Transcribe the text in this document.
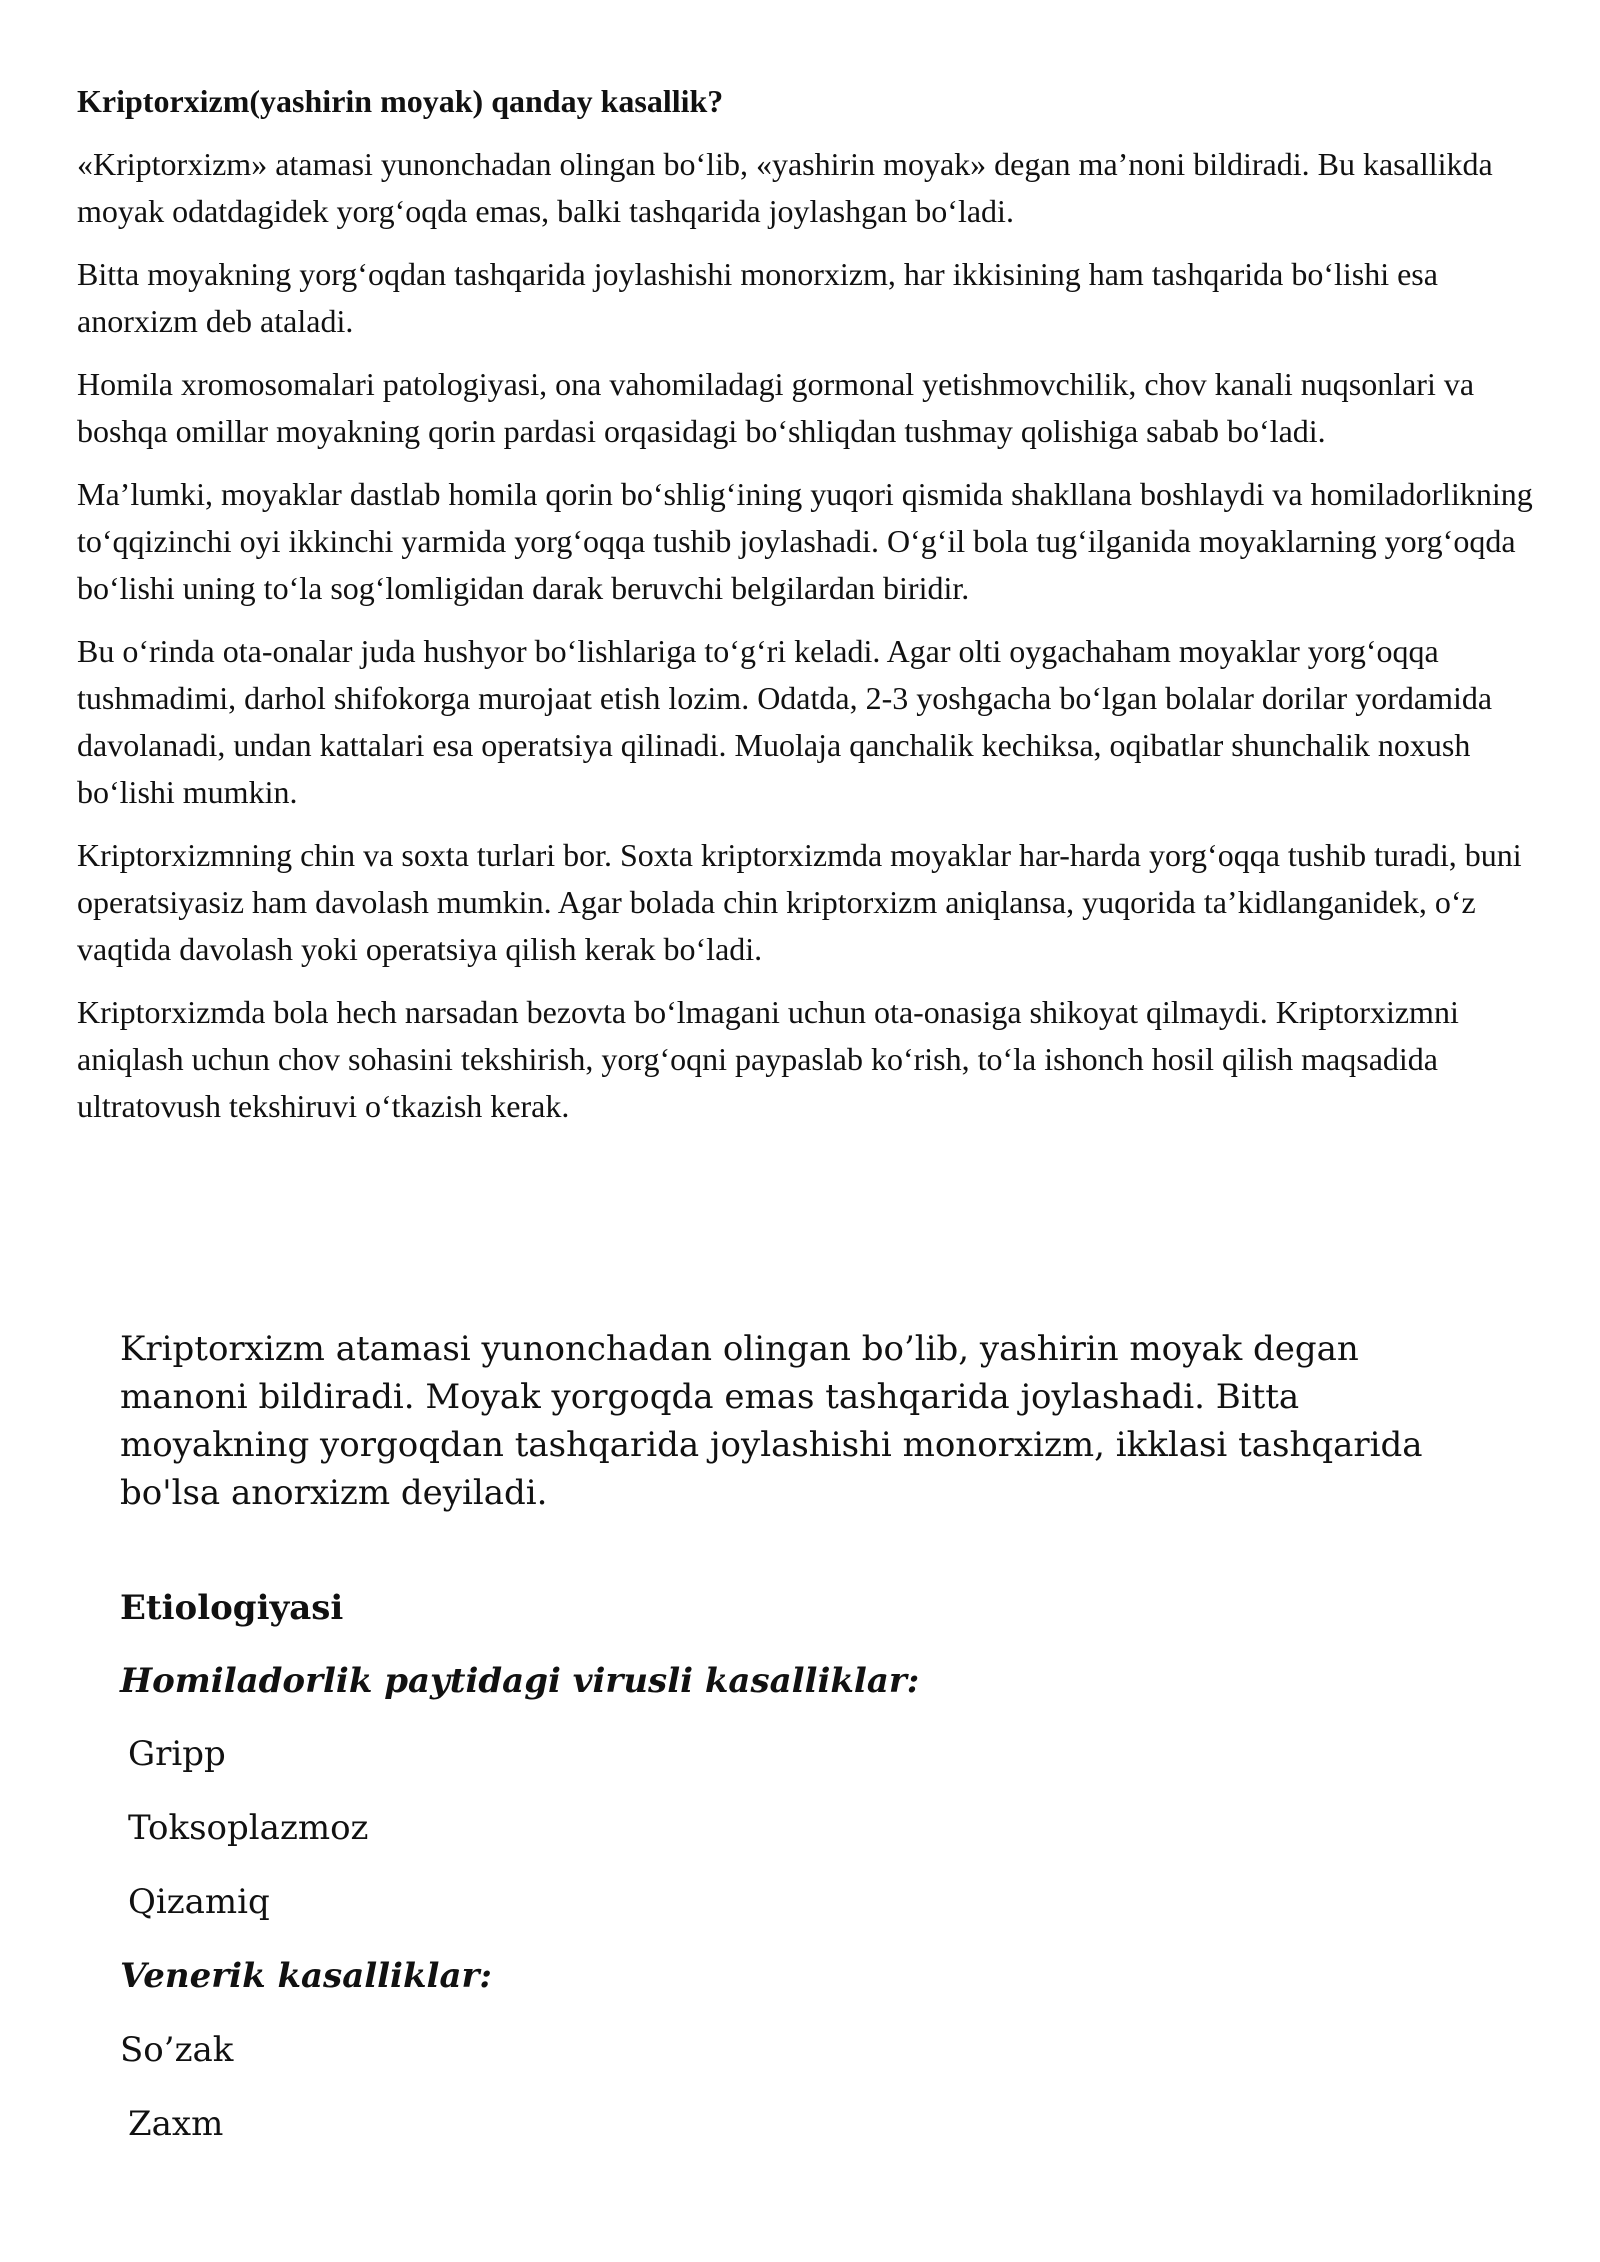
Kriptorxizm(yashirin moyak) qanday kasallik?

«Kriptorxizm» atamasi yunonchadan olingan bo‘lib, «yashirin moyak» degan ma’noni bildiradi. Bu kasallikda moyak odatdagidek yorg‘oqda emas, balki tashqarida joylashgan bo‘ladi.

Bitta moyakning yorg‘oqdan tashqarida joylashishi monorxizm, har ikkisining ham tashqarida bo‘lishi esa anorxizm deb ataladi.

Homila xromosomalari patologiyasi, ona vahomiladagi gormonal yetishmovchilik, chov kanali nuqsonlari va boshqa omillar moyakning qorin pardasi orqasidagi bo‘shliqdan tushmay qolishiga sabab bo‘ladi.

Ma’lumki, moyaklar dastlab homila qorin bo‘shlig‘ining yuqori qismida shakllana boshlaydi va homiladorlikning to‘qqizinchi oyi ikkinchi yarmida yorg‘oqqa tushib joylashadi. O‘g‘il bola tug‘ilganida moyaklarning yorg‘oqda bo‘lishi uning to‘la sog‘lomligidan darak beruvchi belgilardan biridir.

Bu o‘rinda ota-onalar juda hushyor bo‘lishlariga to‘g‘ri keladi. Agar olti oygachaham moyaklar yorg‘oqqa tushmadimi, darhol shifokorga murojaat etish lozim. Odatda, 2-3 yoshgacha bo‘lgan bolalar dorilar yordamida davolanadi, undan kattalari esa operatsiya qilinadi. Muolaja qanchalik kechiksa, oqibatlar shunchalik noxush bo‘lishi mumkin.

Kriptorxizmning chin va soxta turlari bor. Soxta kriptorxizmda moyaklar har-harda yorg‘oqqa tushib turadi, buni operatsiyasiz ham davolash mumkin. Agar bolada chin kriptorxizm aniqlansa, yuqorida ta’kidlanganidek, o‘z vaqtida davolash yoki operatsiya qilish kerak bo‘ladi.

Kriptorxizmda bola hech narsadan bezovta bo‘lmagani uchun ota-onasiga shikoyat qilmaydi. Kriptorxizmni aniqlash uchun chov sohasini tekshirish, yorg‘oqni paypaslab ko‘rish, to‘la ishonch hosil qilish maqsadida ultratovush tekshiruvi o‘tkazish kerak.

Kriptorxizm atamasi yunonchadan olingan bo’lib, yashirin moyak degan
manoni bildiradi. Moyak yorgoqda emas tashqarida joylashadi. Bitta
moyakning yorgoqdan tashqarida joylashishi monorxizm, ikklasi tashqarida
bo'lsa anorxizm deyiladi.

Etiologiyasi

Homiladorlik paytidagi virusli kasalliklar:

Gripp

Toksoplazmoz

Qizamiq

Venerik kasalliklar:

So’zak

Zaxm
